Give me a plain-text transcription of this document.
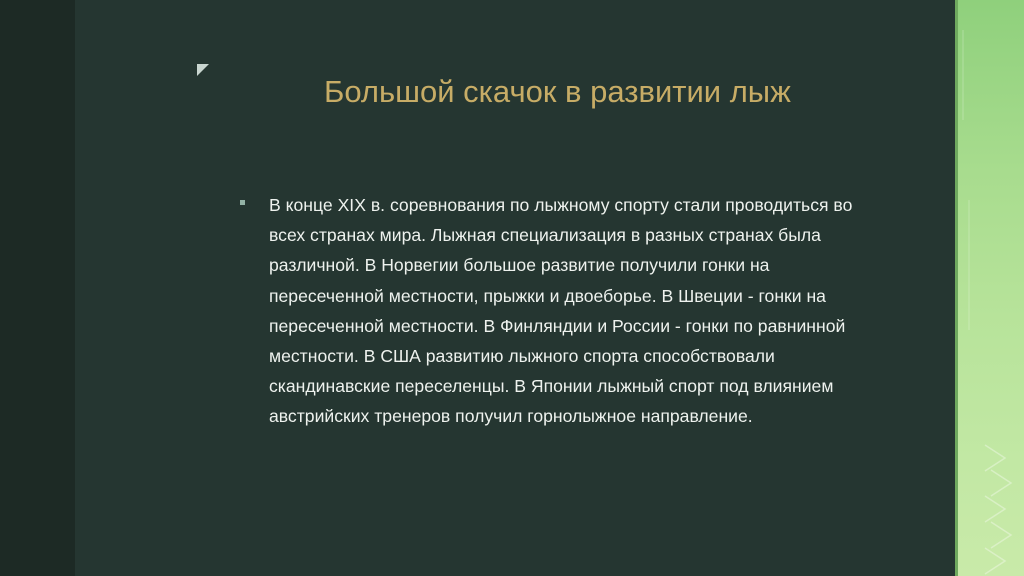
Большой скачок в развитии лыж
В конце XIX в. соревнования по лыжному спорту стали проводиться во всех странах мира. Лыжная специализация в разных странах была различной. В Норвегии большое развитие получили гонки на пересеченной местности, прыжки и двоеборье. В Швеции - гонки на пересеченной местности. В Финляндии и России - гонки по равнинной местности. В США развитию лыжного спорта способствовали скандинавские переселенцы. В Японии лыжный спорт под влиянием австрийских тренеров получил горнолыжное направление.
